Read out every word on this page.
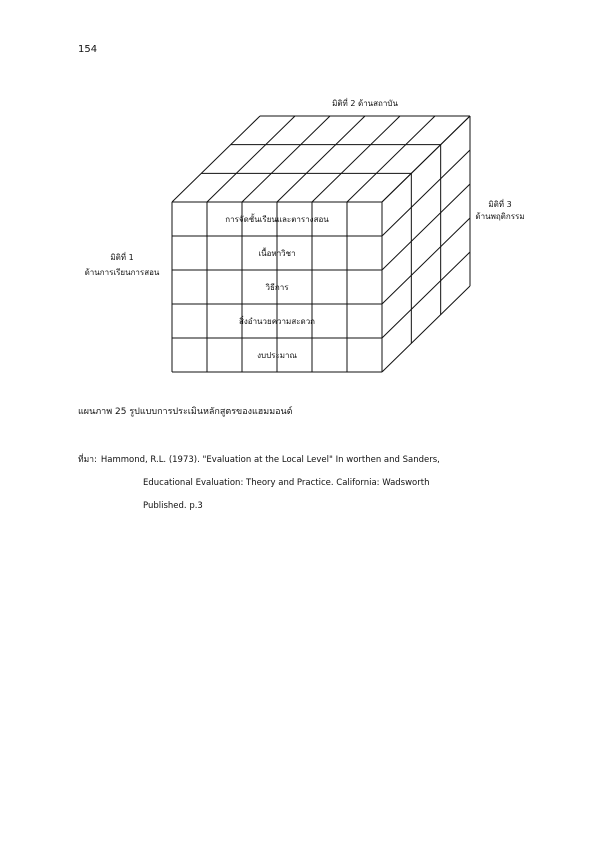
154
มิติที่ 2 ด้านสถาบัน
มิติที่ 3
ด้านพฤติกรรม
มิติที่ 1
ด้านการเรียนการสอน
การจัดชั้นเรียนและตารางสอน
เนื้อหาวิชา
วิธีการ
สิ่งอำนวยความสะดวก
งบประมาณ
แผนภาพ 25 รูปแบบการประเมินหลักสูตรของแฮมมอนด์
ที่มา: Hammond, R.L. (1973). "Evaluation at the Local Level" In worthen and Sanders,
Educational Evaluation: Theory and Practice. California: Wadsworth
Published. p.3
